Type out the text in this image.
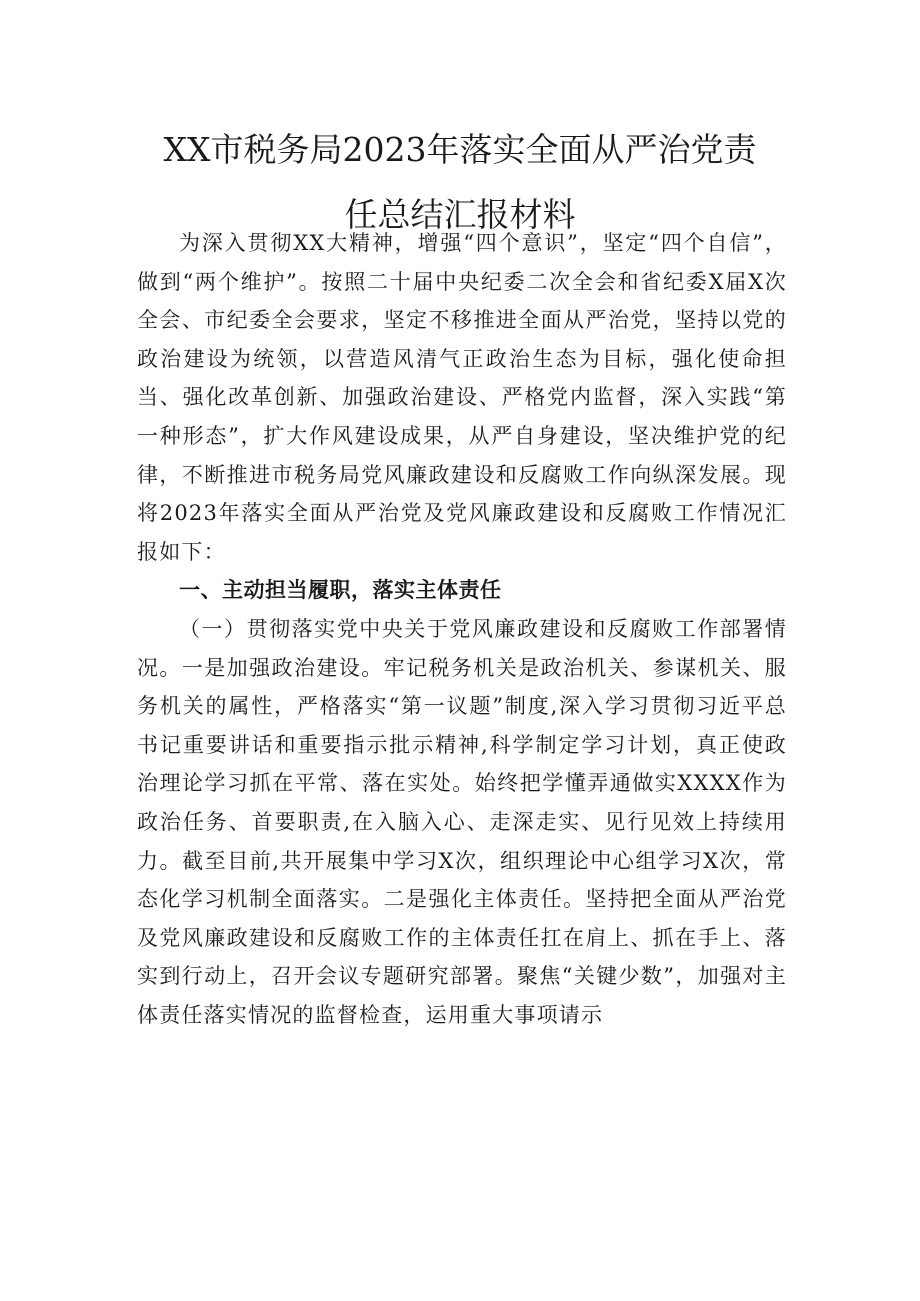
XX市税务局2023年落实全面从严治党责
任总结汇报材料

为深入贯彻XX大精神，增强“四个意识”，坚定“四个自信”，做到“两个维护”。按照二十届中央纪委二次全会和省纪委X届X次全会、市纪委全会要求，坚定不移推进全面从严治党，坚持以党的政治建设为统领，以营造风清气正政治生态为目标，强化使命担当、强化改革创新、加强政治建设、严格党内监督，深入实践“第一种形态”，扩大作风建设成果，从严自身建设，坚决维护党的纪律，不断推进市税务局党风廉政建设和反腐败工作向纵深发展。现将2023年落实全面从严治党及党风廉政建设和反腐败工作情况汇报如下：

一、主动担当履职，落实主体责任

（一）贯彻落实党中央关于党风廉政建设和反腐败工作部署情况。一是加强政治建设。牢记税务机关是政治机关、参谋机关、服务机关的属性，严格落实“第一议题”制度,深入学习贯彻习近平总书记重要讲话和重要指示批示精神,科学制定学习计划，真正使政治理论学习抓在平常、落在实处。始终把学懂弄通做实XXXX作为政治任务、首要职责,在入脑入心、走深走实、见行见效上持续用力。截至目前,共开展集中学习X次，组织理论中心组学习X次，常态化学习机制全面落实。二是强化主体责任。坚持把全面从严治党及党风廉政建设和反腐败工作的主体责任扛在肩上、抓在手上、落实到行动上，召开会议专题研究部署。聚焦“关键少数”，加强对主体责任落实情况的监督检查，运用重大事项请示
